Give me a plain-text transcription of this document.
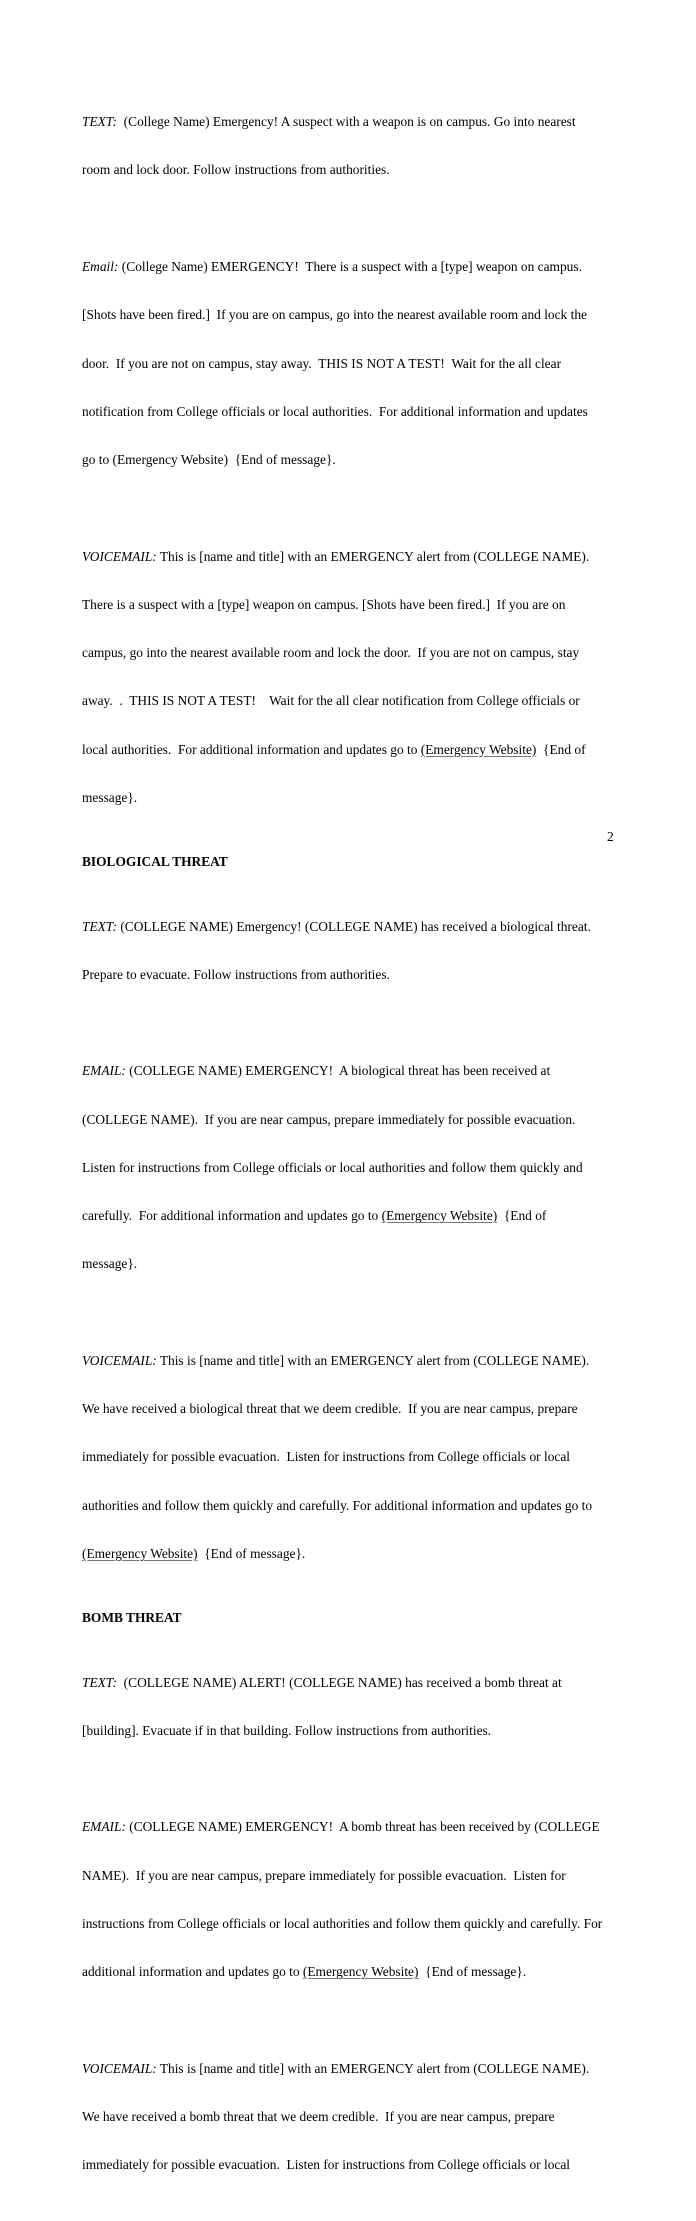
TEXT:  (College Name) Emergency! A suspect with a weapon is on campus. Go into nearest

room and lock door. Follow instructions from authorities.

Email: (College Name) EMERGENCY!  There is a suspect with a [type] weapon on campus.

[Shots have been fired.]  If you are on campus, go into the nearest available room and lock the

door.  If you are not on campus, stay away.  THIS IS NOT A TEST!  Wait for the all clear

notification from College officials or local authorities.  For additional information and updates

go to (Emergency Website)  {End of message}.

VOICEMAIL: This is [name and title] with an EMERGENCY alert from (COLLEGE NAME).

There is a suspect with a [type] weapon on campus. [Shots have been fired.]  If you are on

campus, go into the nearest available room and lock the door.  If you are not on campus, stay

away.  .  THIS IS NOT A TEST!    Wait for the all clear notification from College officials or

local authorities.  For additional information and updates go to (Emergency Website)  {End of

message}.

BIOLOGICAL THREAT

TEXT: (COLLEGE NAME) Emergency! (COLLEGE NAME) has received a biological threat.

Prepare to evacuate. Follow instructions from authorities.

EMAIL: (COLLEGE NAME) EMERGENCY!  A biological threat has been received at

(COLLEGE NAME).  If you are near campus, prepare immediately for possible evacuation.

Listen for instructions from College officials or local authorities and follow them quickly and

carefully.  For additional information and updates go to (Emergency Website)  {End of

message}.

VOICEMAIL: This is [name and title] with an EMERGENCY alert from (COLLEGE NAME).

We have received a biological threat that we deem credible.  If you are near campus, prepare

immediately for possible evacuation.  Listen for instructions from College officials or local

authorities and follow them quickly and carefully. For additional information and updates go to

(Emergency Website)  {End of message}.

BOMB THREAT

TEXT:  (COLLEGE NAME) ALERT! (COLLEGE NAME) has received a bomb threat at

[building]. Evacuate if in that building. Follow instructions from authorities.

EMAIL: (COLLEGE NAME) EMERGENCY!  A bomb threat has been received by (COLLEGE

NAME).  If you are near campus, prepare immediately for possible evacuation.  Listen for

instructions from College officials or local authorities and follow them quickly and carefully. For

additional information and updates go to (Emergency Website)  {End of message}.

VOICEMAIL: This is [name and title] with an EMERGENCY alert from (COLLEGE NAME).

We have received a bomb threat that we deem credible.  If you are near campus, prepare

immediately for possible evacuation.  Listen for instructions from College officials or local

2
